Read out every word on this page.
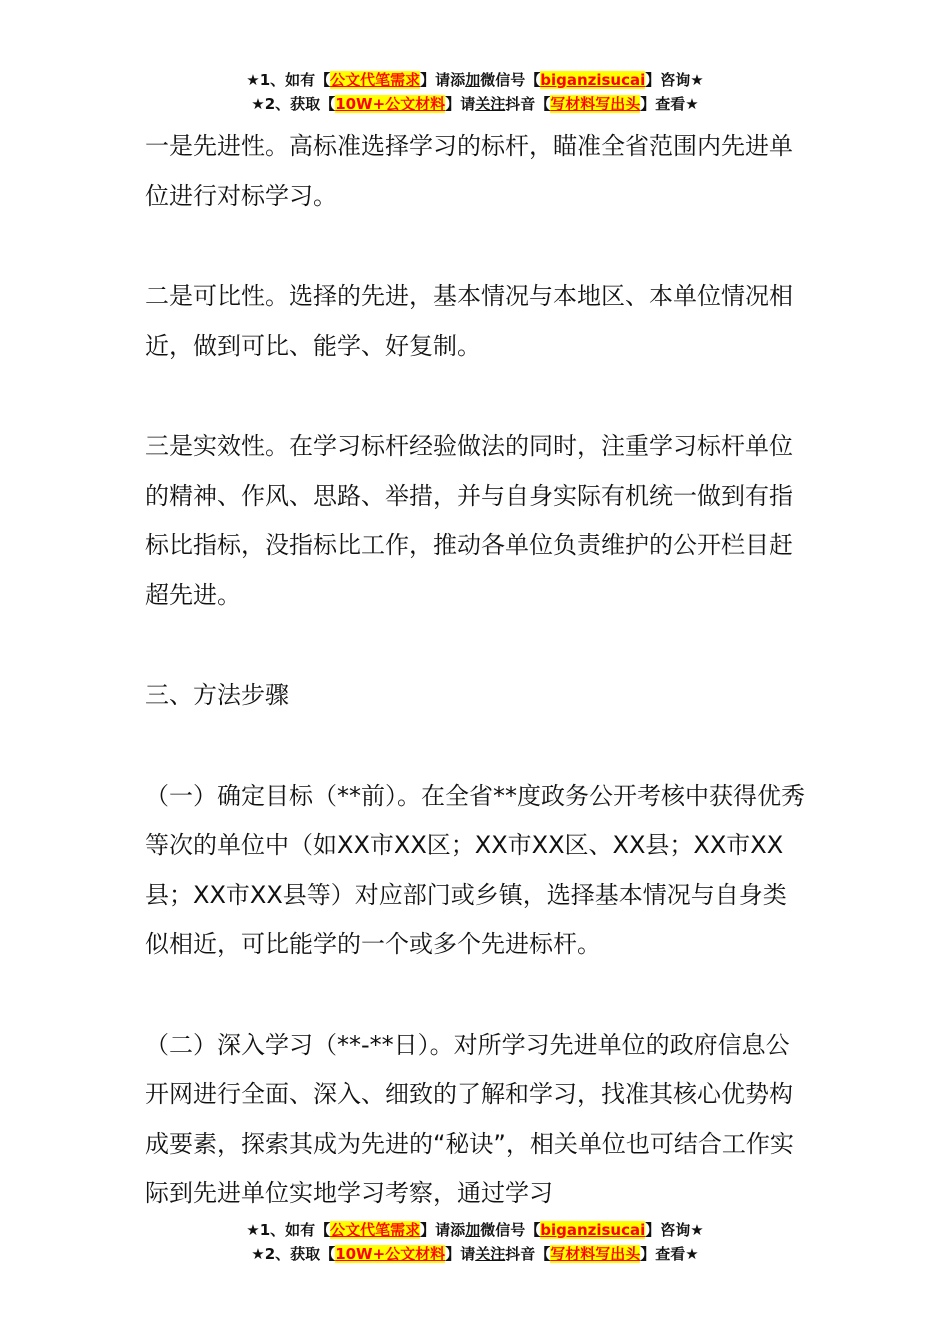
★1、如有【公文代笔需求】请添加微信号【biganzisucai】咨询★
★2、获取【10W+公文材料】请关注抖音【写材料写出头】查看★

一是先进性。高标准选择学习的标杆，瞄准全省范围内先进单位进行对标学习。

二是可比性。选择的先进，基本情况与本地区、本单位情况相近，做到可比、能学、好复制。

三是实效性。在学习标杆经验做法的同时，注重学习标杆单位的精神、作风、思路、举措，并与自身实际有机统一做到有指标比指标，没指标比工作，推动各单位负责维护的公开栏目赶超先进。

三、方法步骤

（一）确定目标（**前）。在全省**度政务公开考核中获得优秀等次的单位中（如XX市XX区；XX市XX区、XX县；XX市XX县；XX市XX县等）对应部门或乡镇，选择基本情况与自身类似相近，可比能学的一个或多个先进标杆。

（二）深入学习（**-**日）。对所学习先进单位的政府信息公开网进行全面、深入、细致的了解和学习，找准其核心优势构成要素，探索其成为先进的“秘诀”，相关单位也可结合工作实际到先进单位实地学习考察，通过学习

★1、如有【公文代笔需求】请添加微信号【biganzisucai】咨询★
★2、获取【10W+公文材料】请关注抖音【写材料写出头】查看★
